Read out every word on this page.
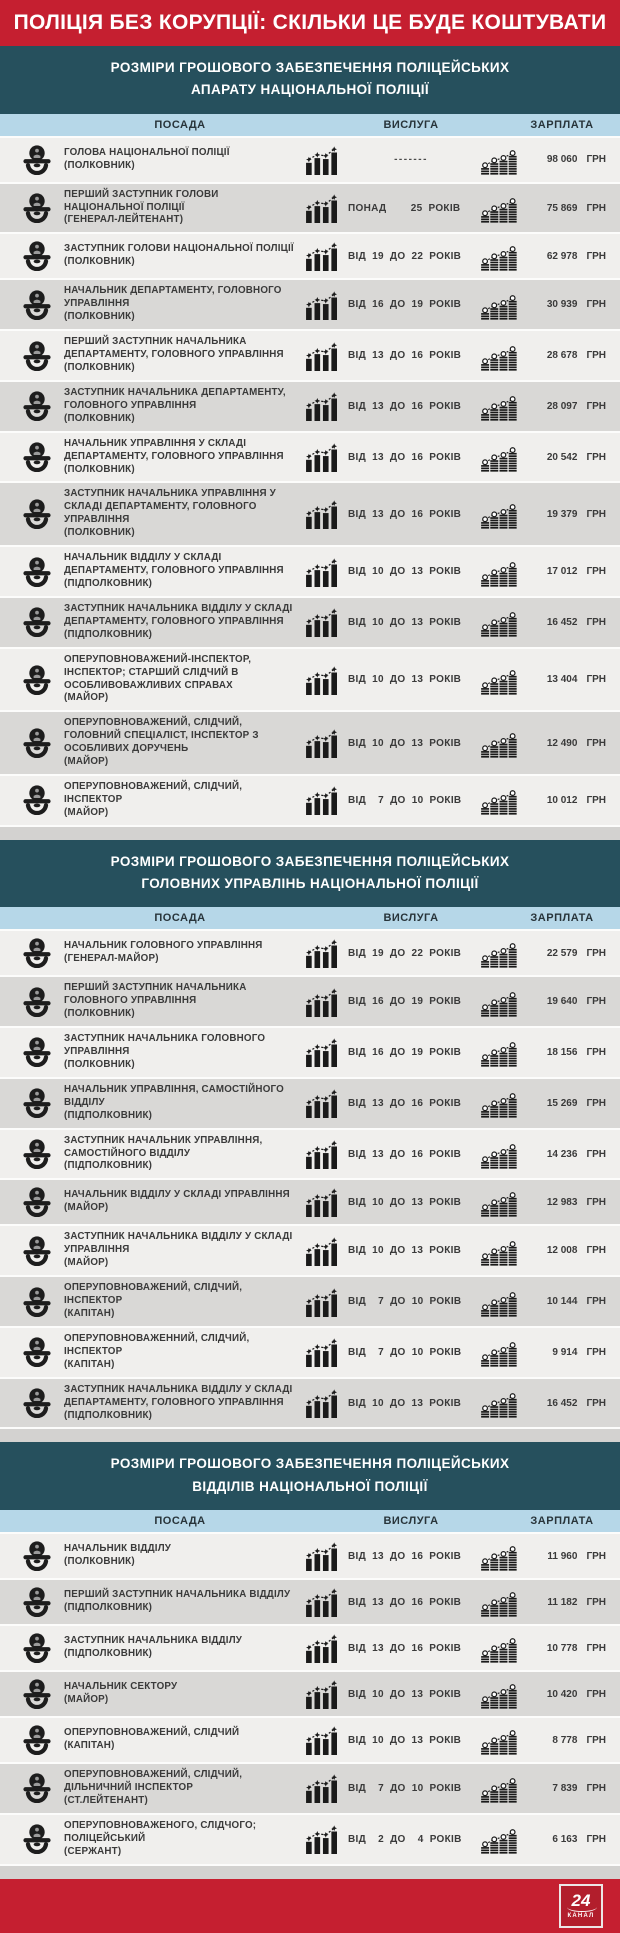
ПОЛІЦІЯ БЕЗ КОРУПЦІЇ: СКІЛЬКИ ЦЕ БУДЕ КОШТУВАТИ
РОЗМІРИ ГРОШОВОГО ЗАБЕЗПЕЧЕННЯ ПОЛІЦЕЙСЬКИХ
АПАРАТУ НАЦІОНАЛЬНОЇ ПОЛІЦІЇ
ПОСАДА	ВИСЛУГА	ЗАРПЛАТА
ГОЛОВА НАЦІОНАЛЬНОЇ ПОЛІЦІЇ
(ПОЛКОВНИК)	-------	98 060 ГРН
ПЕРШИЙ ЗАСТУПНИК ГОЛОВИ НАЦІОНАЛЬНОЇ ПОЛІЦІЇ
(ГЕНЕРАЛ-ЛЕЙТЕНАНТ)
ПОНАД    25 РОКІВ	75 869 ГРН
ЗАСТУПНИК ГОЛОВИ НАЦІОНАЛЬНОЇ ПОЛІЦІЇ
(ПОЛКОВНИК)	ВІД 19 ДО 22 РОКІВ	62 978 ГРН
НАЧАЛЬНИК ДЕПАРТАМЕНТУ, ГОЛОВНОГО УПРАВЛІННЯ
(ПОЛКОВНИК)
ВІД 16 ДО 19 РОКІВ	30 939 ГРН
ПЕРШИЙ ЗАСТУПНИК НАЧАЛЬНИКА ДЕПАРТАМЕНТУ, ГОЛОВНОГО УПРАВЛІННЯ
(ПОЛКОВНИК)
ВІД 13 ДО 16 РОКІВ	28 678 ГРН
ЗАСТУПНИК НАЧАЛЬНИКА ДЕПАРТАМЕНТУ, ГОЛОВНОГО УПРАВЛІННЯ
(ПОЛКОВНИК)
ВІД 13 ДО 16 РОКІВ	28 097 ГРН
НАЧАЛЬНИК УПРАВЛІННЯ У СКЛАДІ ДЕПАРТАМЕНТУ, ГОЛОВНОГО УПРАВЛІННЯ
(ПОЛКОВНИК)
ВІД 13 ДО 16 РОКІВ	20 542 ГРН
ЗАСТУПНИК НАЧАЛЬНИКА УПРАВЛІННЯ У СКЛАДІ ДЕПАРТАМЕНТУ, ГОЛОВНОГО УПРАВЛІННЯ
(ПОЛКОВНИК)
ВІД 13 ДО 16 РОКІВ	19 379 ГРН
НАЧАЛЬНИК ВІДДІЛУ У СКЛАДІ ДЕПАРТАМЕНТУ, ГОЛОВНОГО УПРАВЛІННЯ
(ПІДПОЛКОВНИК)
ВІД 10 ДО 13 РОКІВ	17 012 ГРН
ЗАСТУПНИК НАЧАЛЬНИКА ВІДДІЛУ У СКЛАДІ ДЕПАРТАМЕНТУ, ГОЛОВНОГО УПРАВЛІННЯ
(ПІДПОЛКОВНИК)
ВІД 10 ДО 13 РОКІВ	16 452 ГРН
ОПЕРУПОВНОВАЖЕНИЙ-ІНСПЕКТОР, ІНСПЕКТОР; СТАРШИЙ СЛІДЧИЙ В ОСОБЛИВОВАЖЛИВИХ СПРАВАХ
(МАЙОР)
ВІД 10 ДО 13 РОКІВ	13 404 ГРН
ОПЕРУПОВНОВАЖЕНИЙ, СЛІДЧИЙ, ГОЛОВНИЙ СПЕЦІАЛІСТ, ІНСПЕКТОР З ОСОБЛИВИХ ДОРУЧЕНЬ
(МАЙОР)
ВІД 10 ДО 13 РОКІВ	12 490 ГРН
ОПЕРУПОВНОВАЖЕНИЙ, СЛІДЧИЙ, ІНСПЕКТОР
(МАЙОР)
ВІД  7 ДО 10 РОКІВ	10 012 ГРН
РОЗМІРИ ГРОШОВОГО ЗАБЕЗПЕЧЕННЯ ПОЛІЦЕЙСЬКИХ
ГОЛОВНИХ УПРАВЛІНЬ НАЦІОНАЛЬНОЇ ПОЛІЦІЇ
ПОСАДА	ВИСЛУГА	ЗАРПЛАТА
НАЧАЛЬНИК ГОЛОВНОГО УПРАВЛІННЯ
(ГЕНЕРАЛ-МАЙОР)	ВІД 19 ДО 22 РОКІВ	22 579 ГРН
ПЕРШИЙ ЗАСТУПНИК НАЧАЛЬНИКА ГОЛОВНОГО УПРАВЛІННЯ
(ПОЛКОВНИК)
ВІД 16 ДО 19 РОКІВ	19 640 ГРН
ЗАСТУПНИК НАЧАЛЬНИКА ГОЛОВНОГО УПРАВЛІННЯ
(ПОЛКОВНИК)
ВІД 16 ДО 19 РОКІВ	18 156 ГРН
НАЧАЛЬНИК УПРАВЛІННЯ, САМОСТІЙНОГО ВІДДІЛУ
(ПІДПОЛКОВНИК)
ВІД 13 ДО 16 РОКІВ	15 269 ГРН
ЗАСТУПНИК НАЧАЛЬНИК УПРАВЛІННЯ, САМОСТІЙНОГО ВІДДІЛУ
(ПІДПОЛКОВНИК)
ВІД 13 ДО 16 РОКІВ	14 236 ГРН
НАЧАЛЬНИК ВІДДІЛУ У СКЛАДІ УПРАВЛІННЯ
(МАЙОР)	ВІД 10 ДО 13 РОКІВ	12 983 ГРН
ЗАСТУПНИК НАЧАЛЬНИКА ВІДДІЛУ У СКЛАДІ УПРАВЛІННЯ
(МАЙОР)
ВІД 10 ДО 13 РОКІВ	12 008 ГРН
ОПЕРУПОВНОВАЖЕНИЙ, СЛІДЧИЙ, ІНСПЕКТОР
(КАПІТАН)
ВІД  7 ДО 10 РОКІВ	10 144 ГРН
ОПЕРУПОВНОВАЖЕННИЙ, СЛІДЧИЙ, ІНСПЕКТОР
(КАПІТАН)
ВІД  7 ДО 10 РОКІВ	9 914 ГРН
ЗАСТУПНИК НАЧАЛЬНИКА ВІДДІЛУ У СКЛАДІ ДЕПАРТАМЕНТУ, ГОЛОВНОГО УПРАВЛІННЯ
(ПІДПОЛКОВНИК)
ВІД 10 ДО 13 РОКІВ	16 452 ГРН
РОЗМІРИ ГРОШОВОГО ЗАБЕЗПЕЧЕННЯ ПОЛІЦЕЙСЬКИХ
ВІДДІЛІВ НАЦІОНАЛЬНОЇ ПОЛІЦІЇ
ПОСАДА	ВИСЛУГА	ЗАРПЛАТА
НАЧАЛЬНИК ВІДДІЛУ
(ПОЛКОВНИК)	ВІД 13 ДО 16 РОКІВ	11 960 ГРН
ПЕРШИЙ ЗАСТУПНИК НАЧАЛЬНИКА ВІДДІЛУ
(ПІДПОЛКОВНИК)	ВІД 13 ДО 16 РОКІВ	11 182 ГРН
ЗАСТУПНИК НАЧАЛЬНИКА ВІДДІЛУ
(ПІДПОЛКОВНИК)	ВІД 13 ДО 16 РОКІВ	10 778 ГРН
НАЧАЛЬНИК СЕКТОРУ
(МАЙОР)	ВІД 10 ДО 13 РОКІВ	10 420 ГРН
ОПЕРУПОВНОВАЖЕНИЙ, СЛІДЧИЙ
(КАПІТАН)	ВІД 10 ДО 13 РОКІВ	8 778 ГРН
ОПЕРУПОВНОВАЖЕНИЙ, СЛІДЧИЙ, ДІЛЬНИЧНИЙ ІНСПЕКТОР
(СТ.ЛЕЙТЕНАНТ)
ВІД  7 ДО 10 РОКІВ	7 839 ГРН
ОПЕРУПОВНОВАЖЕНОГО, СЛІДЧОГО; ПОЛІЦЕЙСЬКИЙ
(СЕРЖАНТ)
ВІД  2 ДО  4 РОКІВ	6 163 ГРН
24
КАНАЛ
